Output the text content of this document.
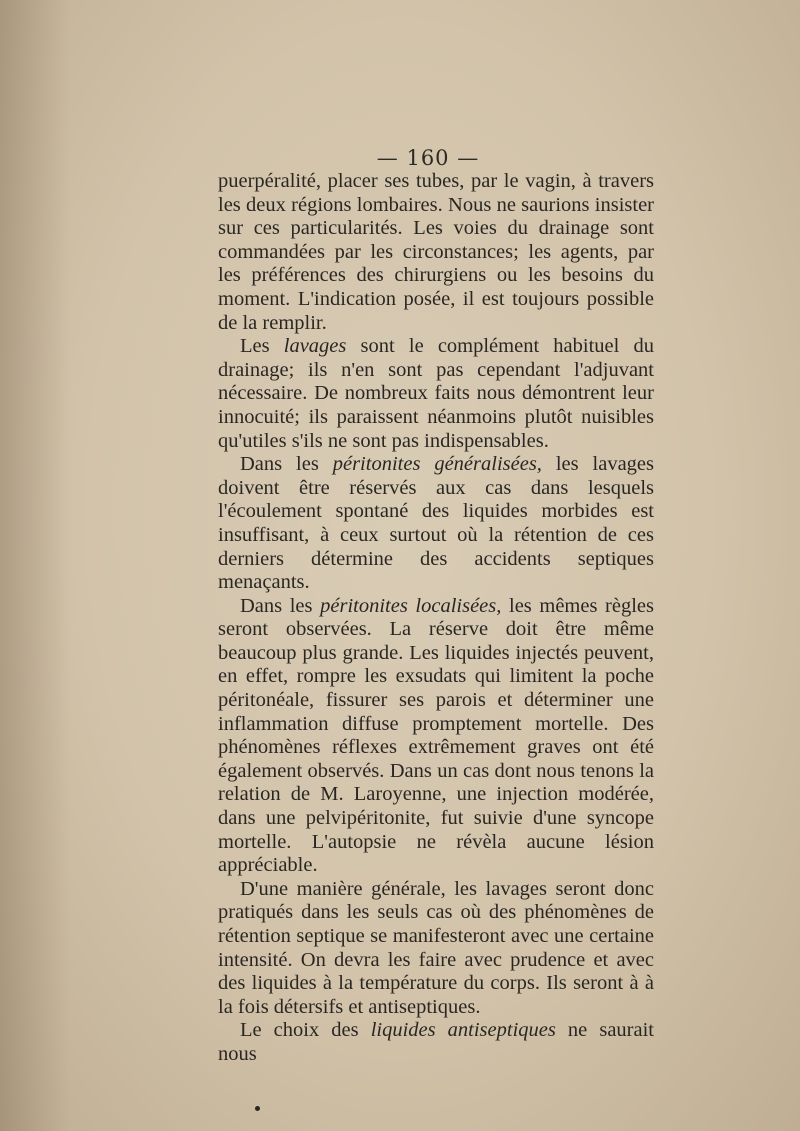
— 160 —

puerpéralité, placer ses tubes, par le vagin, à travers les deux régions lombaires. Nous ne saurions insister sur ces particularités. Les voies du drainage sont commandées par les circonstances; les agents, par les préférences des chirurgiens ou les besoins du moment. L'indication posée, il est toujours possible de la remplir.

Les lavages sont le complément habituel du drainage; ils n'en sont pas cependant l'adjuvant nécessaire. De nombreux faits nous démontrent leur innocuité; ils paraissent néanmoins plutôt nuisibles qu'utiles s'ils ne sont pas indispensables.

Dans les péritonites généralisées, les lavages doivent être réservés aux cas dans lesquels l'écoulement spontané des liquides morbides est insuffisant, à ceux surtout où la rétention de ces derniers détermine des accidents septiques menaçants.

Dans les péritonites localisées, les mêmes règles seront observées. La réserve doit être même beaucoup plus grande. Les liquides injectés peuvent, en effet, rompre les exsudats qui limitent la poche péritonéale, fissurer ses parois et déterminer une inflammation diffuse promptement mortelle. Des phénomènes réflexes extrêmement graves ont été également observés. Dans un cas dont nous tenons la relation de M. Laroyenne, une injection modérée, dans une pelvipéritonite, fut suivie d'une syncope mortelle. L'autopsie ne révèla aucune lésion appréciable.

D'une manière générale, les lavages seront donc pratiqués dans les seuls cas où des phénomènes de rétention septique se manifesteront avec une certaine intensité. On devra les faire avec prudence et avec des liquides à la température du corps. Ils seront à à la fois détersifs et antiseptiques.

Le choix des liquides antiseptiques ne saurait nous
